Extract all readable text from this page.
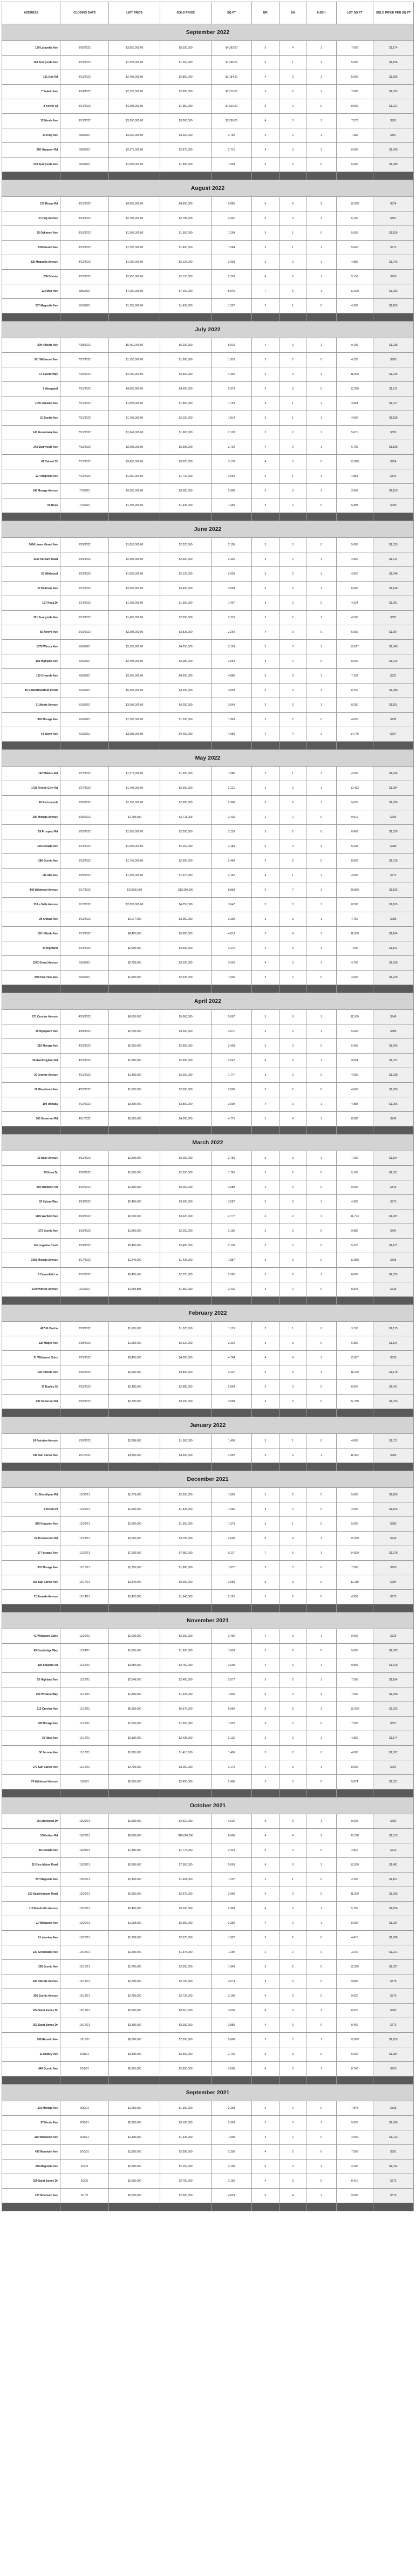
ADDRESS	CLOSING DATE	LIST PRICE	SOLD PRICE	SQ FT	BR	BH	0.5BH	LOT SQ FT	SOLD PRICE PER SQ FT
September 2022									
199 Lafayette Ave	9/30/2022	$3,850,000.00	$5,030,000	$4,283.00	5	4	1	7,000	$1,174
120 Sunnyside Ave	9/19/2022	$1,398,000.00	$1,550,000	$1,296.00	3	1	1	5,000	$1,196
151 Oak Rd	9/16/2022	$2,495,000.00	$2,850,000	$2,184.00	4	2	1	5,000	$1,305
7 Salado Ave	9/14/2022	$2,795,000.00	$2,995,000	$2,210.00	3	2	1	7,000	$1,355
8 Keefer Ct	9/14/2022	$1,995,000.00	$1,950,000	$1,910.00	3	2	0	8,000	$1,021
12 Monte Ave	9/13/2022	$3,295,000.00	$3,260,000	$3,290.00	4	3	1	7,570	$991
21 King Ave	9/8/2022	$3,250,000.00	$3,260,000	3,760	4	2	1	7,380	$867
260 Hampton Rd	9/8/2022	$2,875,000.00	$2,875,000	2,712	4	3	1	6,000	$1,060
319 Sunnyside Ave	9/2/2022	$1,695,000.00	$1,800,000	1,654	3	2	0	5,000	$1,088

August 2022									
117 Requa Rd	8/31/2022	$4,995,000.00	$4,850,000	5,885	6	4	2	12,600	$824
3 Craig Avenue	8/23/2022	$2,795,000.00	$2,795,000	3,491	3	3	1	6,190	$801
75 Oakmont Ave	8/15/2022	$1,395,000.00	$1,500,000	1,294	3	1	0	5,000	$1,159
1320 Grand Ave	8/15/2022	$1,595,000.00	$1,450,000	1,584	3	1	1	5,060	$915
326 Magnolia Avenue	8/12/2022	$1,990,000.00	$2,125,000	2,038	3	2	1	4,880	$1,043
236 Bonnie	8/10/2022	$2,250,000.00	$2,128,000	2,220	4	2	1	5,150	$958
124 Muir Ave	8/5/2022	$7,000,000.00	$7,100,000	5,540	7	5	1	10,000	$1,282
237 Magnolia Ave	8/3/2022	$1,295,000.00	$1,435,000	1,207	2	1	0	4,200	$1,189

July 2022									
209 Hillside Ave	7/28/2022	$5,450,000.00	$5,200,000	5,010	4	3	1	9,100	$1,038
241 Wildwood Ave	7/27/2022	$1,750,000.00	$1,900,000	1,910	3	2	0	4,350	$995
17 Sylvan Way	7/25/2022	$4,400,000.00	$4,500,000	4,392	4	3	1	11,500	$1,025
1 Wyngaard	7/21/2022	$4,500,000.00	$4,500,000	2,979	3	3	0	13,250	$1,511
1135 Oakland Ave	7/21/2022	$1,895,000.00	$1,800,000	1,753	3	1	1	3,864	$1,027
10 Bonita Ave	7/21/2022	$1,795,000.00	$2,100,000	1,814	3	1	1	4,500	$1,158
141 Greenbank Ave	7/21/2022	$1,849,000.00	$1,900,000	2,128	3	2	1	5,615	$893
242 Sunnyside Ave	7/15/2022	$2,995,000.00	$2,995,000	2,702	4	2	1	6,790	$1,108
61 Calvert Ct	7/12/2022	$3,495,000.00	$3,025,000	3,170	4	3	0	10,960	$954
127 Magnolia Ave	7/12/2022	$1,350,000.00	$1,740,000	2,062	3	1	1	4,851	$844
146 Moraga Avenue	7/7/2022	$3,295,000.00	$3,360,000	2,900	3	3	1	3,906	$1,159
60 Nova	7/7/2022	$1,495,000.00	$1,435,000	1,450	3	2	0	5,898	$990

June 2022									
1624 Lower Grand Ave	6/29/2022	$1,850,000.00	$2,225,000	2,150	3	3	0	5,000	$1,035
1143 Harvard Road	6/29/2022	$2,195,000.00	$2,350,000	2,325	3	2	1	4,960	$1,011
20 Wildwood	6/23/2022	$1,895,000.00	$2,125,000	2,028	3	2	1	4,820	$1,048
27 Bellevue Ave	6/21/2022	$2,995,000.00	$3,450,000	3,004	4	2	1	6,000	$1,148
107 Nova Dr	6/14/2022	$1,495,000.00	$1,600,000	1,467	3	2	0	4,624	$1,091
321 Sunnyside Ave	6/13/2022	$1,495,000.00	$2,050,000	2,310	3	2	1	4,500	$887
95 Arroyo Ave	6/10/2022	$2,395,000.00	$3,825,000	2,254	4	3	0	5,000	$1,697
1075 Winsor Ave	6/9/2022	$3,195,000.00	$4,250,000	3,159	5	3	1	18,617	$1,345
118 Highland Ave	6/9/2022	$2,495,000.00	$2,280,000	2,054	3	2	0	8,000	$1,110
150 Oreanda Ave	6/6/2022	$3,295,000.00	$4,500,000	4,886	5	3	1	7,236	$921
85 SANDRINGHAM ROAD	6/3/2022	$5,495,000.00	$4,200,000	3,859	4	3	1	8,150	$1,088
31 Monte Avenue	6/3/2022	$3,595,000.00	$4,200,000	3,649	3	3	1	8,250	$1,151
383 Moraga Ave	6/2/2022	$1,295,000.00	$1,555,000	1,963	3	2	0	4,650	$792
44 Sierra Ave	6/1/2022	$3,995,000.00	$4,400,000	4,550	4	4	2	14,770	$967

May 2022									
162 Wallace Rd	5/27/2022	$1,379,000.00	$1,950,000	1,580	2	1	1	4,500	$1,234
1728 Trestle Glen Rd	5/27/2022	$1,495,000.00	$2,300,000	2,121	3	2	1	10,432	$1,084
42 Portsmouth	5/26/2022	$2,195,000.00	$2,900,000	2,900	3	2	1	5,050	$1,000
209 Moraga Avenue	5/25/2022	$1,799,999	$1,711,000	2,425	2	2	0	9,916	$706
59 Prospect Rd	5/25/2022	$1,995,000.00	$2,200,000	2,118	3	2	0	6,400	$1,039
128 Ronada Ave	5/24/2022	$1,995,000.00	$2,160,000	2,184	4	2	1	5,038	$989
286 Scenic Ave	5/23/2022	$1,749,000.00	$2,500,000	2,460	3	2	0	8,000	$1,016
111 Alta Ave	5/20/2022	$1,495,000.00	$1,670,000	2,162	4	1	1	4,500	$772
448 Wildwood Avenue	5/17/2022	$13,000,000	$10,300,000	8,838	6	7	2	28,800	$1,165
33 La Salle Avenue	5/17/2022	$2,895,000.00	$4,250,000	3,647	5	3	1	8,500	$1,165
29 Arbuna Ave	5/13/2022	$2,077,000	$3,250,000	3,300	3	3	1	4,750	$985
120 Hillside Ave	5/13/2022	$4,495,000	$5,600,000	4,813	5	4	1	11,000	$1,164
44 Highland	5/13/2022	$2,999,000	$3,900,000	3,275	4	3	1	7,000	$1,191
1242 Grand Avenue	5/6/2022	$2,799,000	$3,200,000	3,026	4	3	1	4,750	$1,058
250 Park View Ave	5/5/2022	$1,995,000	$2,325,000	1,905	3	2	0	4,600	$1,220

April 2022									
271 Crocker Avenue	4/29/2022	$4,595,000	$5,000,000	5,887	5	6	1	11,500	$849
30 Wyngaard Ave	4/28/2022	$2,795,000	$3,250,000	3,671	4	3	1	5,600	$885
210 Moraga Ave	4/25/2022	$2,295,000	$2,965,000	2,458	3	2	0	5,400	$1,206
54 Sandringham Rd	4/22/2022	$1,950,000	$2,600,000	2,547	4	3	1	9,054	$1,021
30 Jerome Avenue	4/21/2022	$1,495,000	$2,200,000	1,777	3	2	0	4,000	$1,238
20 Woodmont Ave	4/20/2022	$1,695,000	$2,000,000	2,000	3	2	0	4,600	$1,000
100 Ronada	4/12/2022	$3,500,000	$3,800,000	3,600	4	3	1	4,888	$1,056
100 Somerset Rd	4/11/2022	$3,995,000	$4,500,000	4,775	5	4	1	8,586	$942

March 2022									
32 Nace Avenue	3/31/2022	$2,500,000	$3,200,000	2,750	3	3	1	7,200	$1,164
39 Nova Dr	3/30/2022	$1,895,000	$2,350,000	1,765	3	2	0	5,160	$1,331
219 Hampton Rd	3/25/2022	$2,395,000	$3,250,000	3,988	4	3	0	9,690	$815
29 Sylvan Way	3/24/2022	$2,450,000	$3,000,000	3,087	3	3	1	4,900	$972
1115 Warfield Ave	3/18/2022	$2,095,000	$3,020,000	2,777	4	2	1	11,773	$1,087
273 Scenic Ave	3/18/2022	$1,895,000	$2,250,000	3,195	3	3	0	9,980	$704
14 Longview Court	3/18/2022	$2,495,000	$2,400,000	2,130	3	2	0	5,220	$1,127
3368 Moraga Avenue	3/17/2022	$1,249,000	$1,425,000	1,887	3	2	0	10,550	$755
6 Cavendish Ln	3/10/2022	$2,495,000	$2,725,000	2,582	3	2	1	8,000	$1,055
1070 Winsor Avenue	3/2/2022	$1,599,888	$1,550,000	2,426	3	2	0	8,824	$639

February 2022									
407 El Cerrito	2/28/2022	$1,195,000	$1,320,000	1,123	2	1	0	3,150	$1,175
125 Magee Ave	2/28/2022	$1,995,000	$2,620,000	2,310	3	3	0	6,800	$1,134
21 Wildwood Gdns	2/25/2022	$3,495,000	$4,000,000	4,784	4	4	1	10,687	$836
135 Hillside Ave	2/25/2022	$2,995,000	$3,800,000	3,227	5	3	1	11,240	$1,178
37 Dudley Ct	2/25/2022	$2,495,000	$2,980,000	2,864	3	3	0	8,660	$1,041
292 Somerset Rd	2/25/2022	$2,795,000	$3,200,000	3,098	4	3	0	22,780	$1,033

January 2022									
24 Fairview Avenue	1/28/2022	$1,298,000	$1,500,000	1,400	3	1	0	4,800	$1,071
249 San Carlos Ave	1/11/2022	$4,395,000	$4,500,000	4,952	5	4	1	11,822	$909

December 2021									
31 Glen Alpine Rd	12/30/21	$1,779,000	$2,200,000	1,850	3	2	0	5,000	$1,189
9 Requa Pl	12/29/21	$1,695,000	$1,825,000	1,566	3	2	0	4,500	$1,165
865 Kingston Ave	12/29/21	$1,295,000	$1,350,000	1,373	3	1	0	5,000	$983
64 Portsmouth Rd	12/23/21	$3,695,000	$3,795,000	4,000	5	4	1	15,000	$949
27 Farragut Ave	12/22/21	$7,000,000	$7,050,000	5,117	7	5	1	14,500	$1,378
307 Moraga Ave	12/15/21	$1,795,000	$1,800,000	1,877	3	3	0	7,500	$959
361 San Carlos Ave	12/17/21	$2,845,000	$3,000,000	3,050	3	3	0	12,110	$984
71 Ronada Avenue	12/14/21	$1,475,000	$1,640,000	2,125	3	2	0	4,500	$772

November 2021									
41 Wildwood Gdns	11/30/21	$2,000,000	$2,200,000	3,496	4	3	1	9,600	$629
90 Cambridge Way	11/24/21	$1,695,000	$1,995,000	1,839	3	2	0	5,000	$1,085
106 Sequoia Rd	11/22/21	$3,950,000	$4,750,000	3,600	4	3	1	9,800	$1,319
15 Highland Ave	11/22/21	$2,548,000	$2,460,000	2,077	3	2	1	7,500	$1,184
155 Wistaria Way	11/19/21	$1,895,000	$1,925,000	1,820	3	2	1	7,000	$1,058
110 Crocker Ave	11/18/21	$6,995,000	$6,975,000	6,560	5	5	2	18,200	$1,063
128 Moraga Ave	11/16/21	$1,595,000	$1,650,000	1,925	3	2	0	7,500	$857
35 Nace Ave	11/12/21	$2,195,000	$2,495,000	2,125	3	2	1	4,850	$1,174
30 Jerome Ave	11/12/21	$1,295,000	$1,410,000	1,400	3	2	0	4,000	$1,007
277 San Carlos Ave	11/10/21	$2,795,000	$3,150,000	3,170	4	3	1	8,000	$994
79 Wildwood Avenue	11/5/21	$2,395,000	$2,450,000	2,400	3	3	0	5,874	$1,021

October 2021									
20 Littlewood Dr	10/29/21	$2,595,000	$2,510,000	3,626	5	3	1	9,625	$692
100 Indian Rd	10/28/21	$9,800,000	$10,000,000	6,600	4	4	2	28,778	$1,515
48 Ronada Ave	10/28/21	$1,495,000	$1,775,000	2,424	3	2	0	4,840	$732
52 Glen Alpine Road	10/28/21	$6,900,000	$7,500,000	5,063	4	5	1	12,000	$1,481
237 Magnolia Ave	10/26/21	$1,195,000	$1,401,000	1,207	2	1	0	4,200	$1,161
120 Sandringham Road	10/26/21	$2,995,000	$2,975,000	2,960	4	3	0	11,000	$1,005
116 Monticello Avenue	10/25/21	$2,495,000	$3,300,000	2,983	4	3	1	5,750	$1,106
11 Wildwood Ave	10/20/21	$1,998,000	$2,900,000	2,350	4	2	1	5,000	$1,234
8 Lakeview Ave	10/20/21	$1,798,000	$2,075,000	1,907	3	2	0	4,410	$1,088
237 Greenbank Ave	10/18/21	$1,295,000	$1,575,000	1,290	2	2	0	3,240	$1,221
256 Scenic Ave	10/15/21	$1,795,000	$2,050,000	1,940	3	2	0	12,200	$1,057
209 Hillside Avenue	10/13/21	$2,795,000	$2,700,000	3,074	4	3	0	9,800	$878
206 Scenic Avenue	10/13/21	$2,750,000	$2,725,000	3,100	4	3	0	9,020	$879
204 Saint James Dr	10/12/21	$2,695,000	$3,010,000	3,030	4	3	1	8,520	$993
203 Saint James Dr	10/12/21	$3,195,000	$3,000,000	3,880	4	3	0	8,450	$773
109 Ricardo Ave	10/11/21	$6,800,000	$7,050,000	5,600	5	5	1	16,800	$1,259
11 Dudley Ave	10/8/21	$3,300,000	$3,500,000	2,725	3	3	0	6,930	$1,284
449 Scenic Ave	10/1/21	$2,995,000	$2,850,000	3,000	4	3	1	8,740	$950

September 2021									
301 Moraga Ave	9/30/21	$1,695,000	$1,900,000	2,268	3	2	0	7,844	$838
97 Monte Ave	9/28/21	$2,995,000	$3,180,000	2,999	3	3	1	5,050	$1,060
115 Wildwood Ave	9/15/21	$2,100,000	$1,925,000	1,900	3	2	0	4,000	$1,013
430 Mountain Ave	9/10/21	$1,895,000	$2,095,000	2,350	4	2	0	7,500	$891
330 Magnolia Ave	9/3/21	$2,300,000	$2,150,000	2,100	3	2	1	4,200	$1,024
209 Saint James Dr	9/3/21	$2,595,000	$2,760,000	3,165	4	3	0	8,410	$872
221 Mountain Ave	9/1/21	$2,595,000	$2,500,000	4,829	5	4	1	9,500	$518
